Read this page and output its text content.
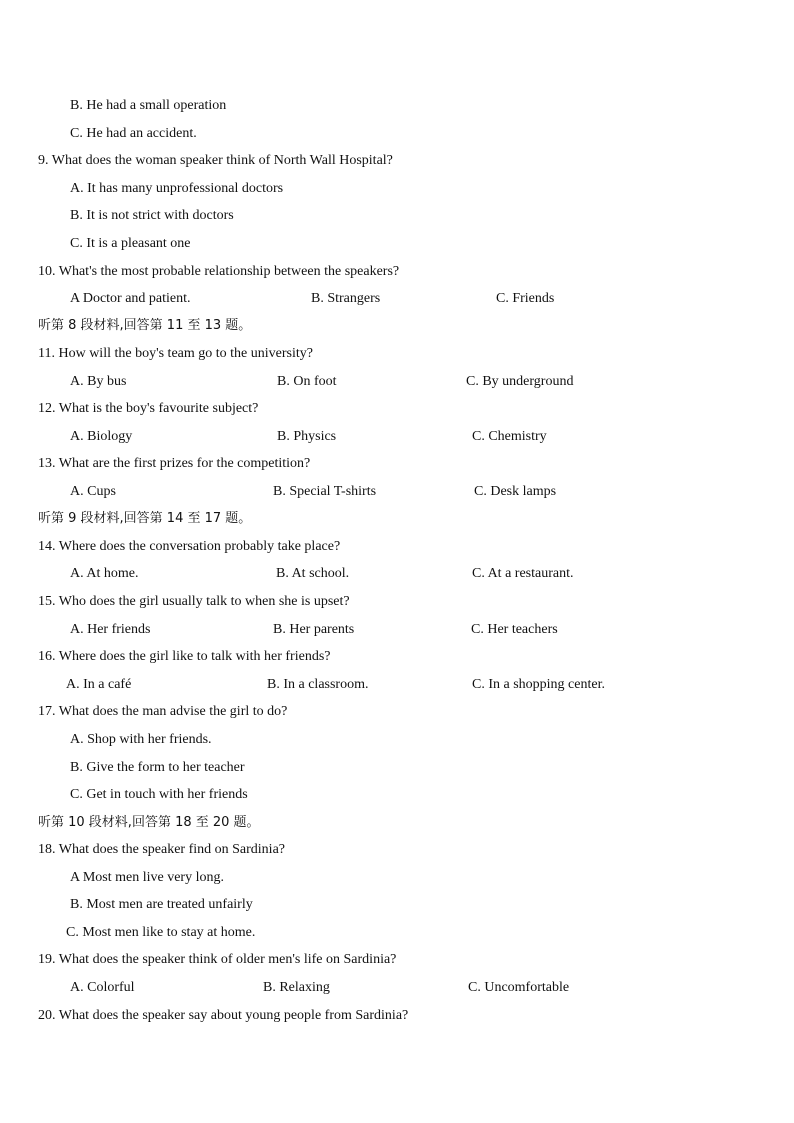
B. He had a small operation
C. He had an accident.
9. What does the woman speaker think of North Wall Hospital?
A. It has many unprofessional doctors
B. It is not strict with doctors
C. It is a pleasant one
10. What's the most probable relationship between the speakers?
A Doctor and patient.	B. Strangers	C. Friends
听第 8 段材料,回答第 11 至 13 题。
11. How will the boy's team go to the university?
A. By bus	B. On foot	C. By underground
12. What is the boy's favourite subject?
A. Biology	B. Physics	C. Chemistry
13. What are the first prizes for the competition?
A. Cups	B. Special T-shirts	C. Desk lamps
听第 9 段材料,回答第 14 至 17 题。
14. Where does the conversation probably take place?
A. At home.	B. At school.	C. At a restaurant.
15. Who does the girl usually talk to when she is upset?
A. Her friends	B. Her parents	C. Her teachers
16. Where does the girl like to talk with her friends?
A. In a café	B. In a classroom.	C. In a shopping center.
17. What does the man advise the girl to do?
A. Shop with her friends.
B. Give the form to her teacher
C. Get in touch with her friends
听第 10 段材料,回答第 18 至 20 题。
18. What does the speaker find on Sardinia?
A Most men live very long.
B. Most men are treated unfairly
C. Most men like to stay at home.
19. What does the speaker think of older men's life on Sardinia?
A. Colorful	B. Relaxing	C. Uncomfortable
20. What does the speaker say about young people from Sardinia?
